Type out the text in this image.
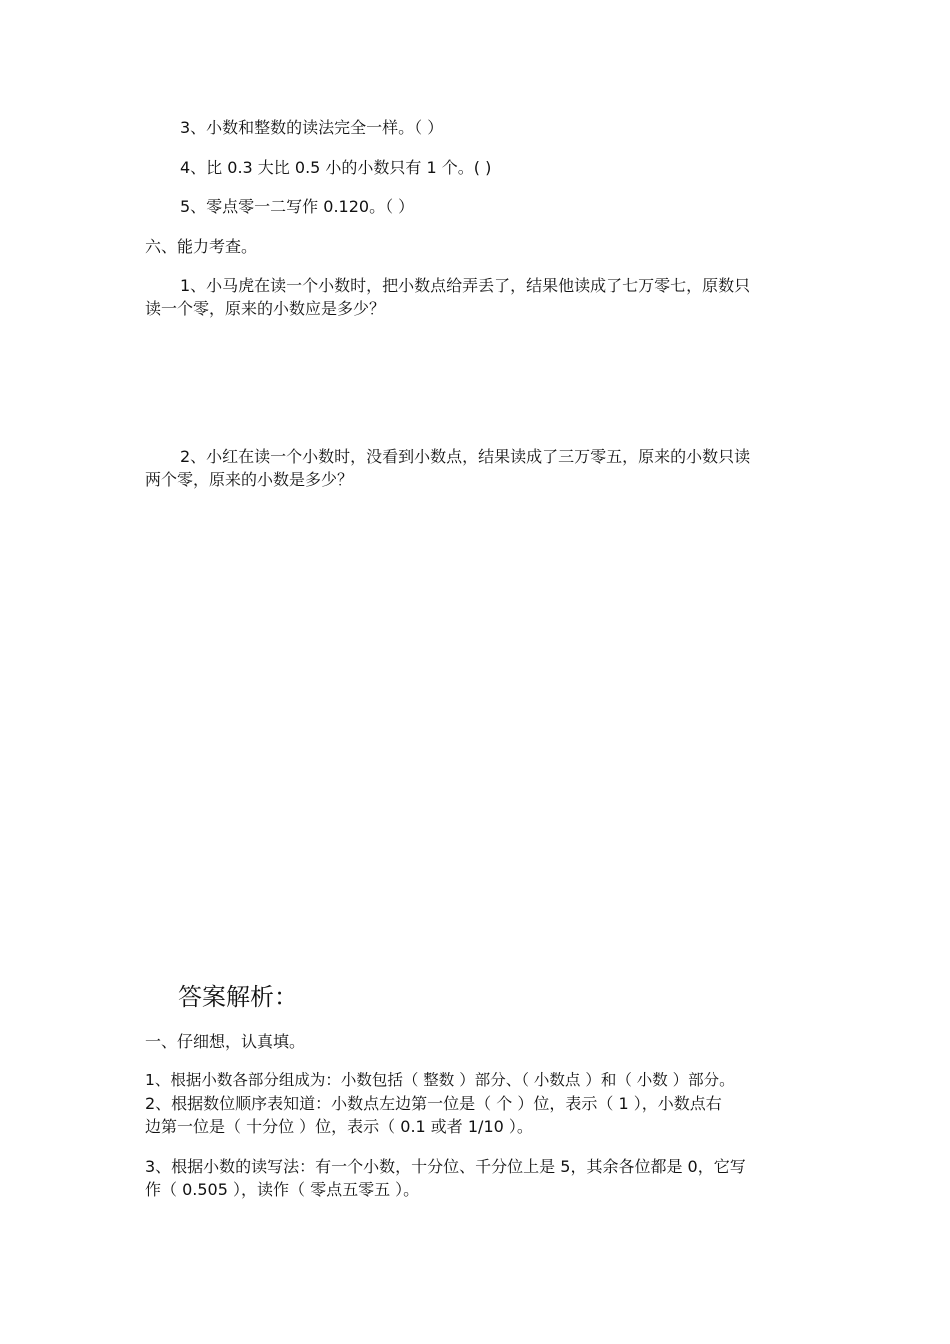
3、小数和整数的读法完全一样。（ ）
4、比 0.3 大比 0.5 小的小数只有 1 个。( )
5、零点零一二写作 0.120。（ ）
六、能力考查。
1、小马虎在读一个小数时，把小数点给弄丢了，结果他读成了七万零七，原数只
读一个零，原来的小数应是多少？
2、小红在读一个小数时，没看到小数点，结果读成了三万零五，原来的小数只读
两个零，原来的小数是多少？
答案解析：
一、仔细想，认真填。
1、根据小数各部分组成为：小数包括（ 整数 ）部分、（ 小数点 ）和（ 小数 ）部分。
2、根据数位顺序表知道：小数点左边第一位是（ 个 ）位，表示（ 1 ），小数点右
边第一位是（ 十分位 ）位，表示（ 0.1 或者 1/10 ）。
3、根据小数的读写法：有一个小数，十分位、千分位上是 5，其余各位都是 0，它写
作（ 0.505 ），读作（ 零点五零五 ）。
